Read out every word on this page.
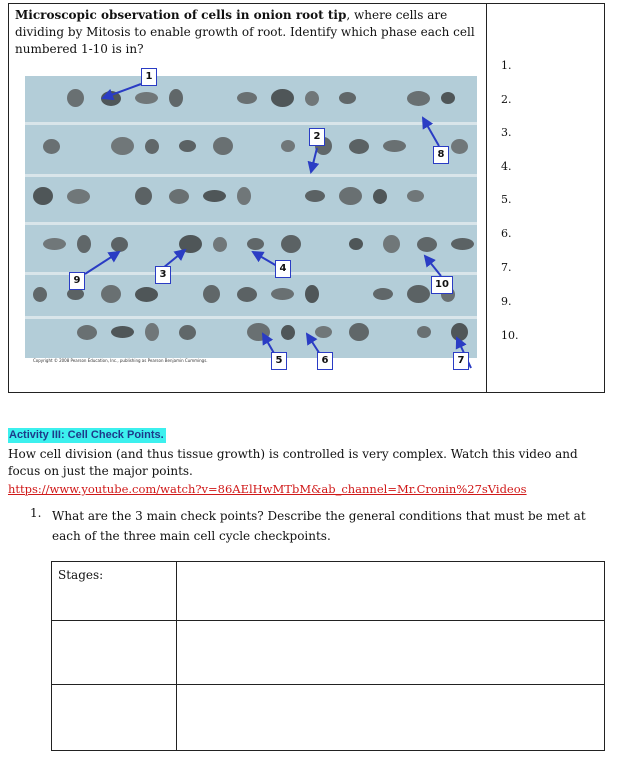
Microscopic observation of cells in onion root tip, where cells are dividing by Mitosis to enable growth of root. Identify which phase each cell numbered 1-10 is in?
1
2
3
4
5	6	7
8
9	10
Copyright © 2008 Pearson Education, Inc., publishing as Pearson Benjamin Cummings.
1.
2.
3.
4.
5.
6.
7.
9.
10.
Activity III: Cell Check Points.
How cell division (and thus tissue growth) is controlled is very complex. Watch this video and focus on just the major points.
https://www.youtube.com/watch?v=86AElHwMTbM&ab_channel=Mr.Cronin%27sVideos
1. What are the 3 main check points? Describe the general conditions that must be met at each of the three main cell cycle checkpoints.
Stages:
